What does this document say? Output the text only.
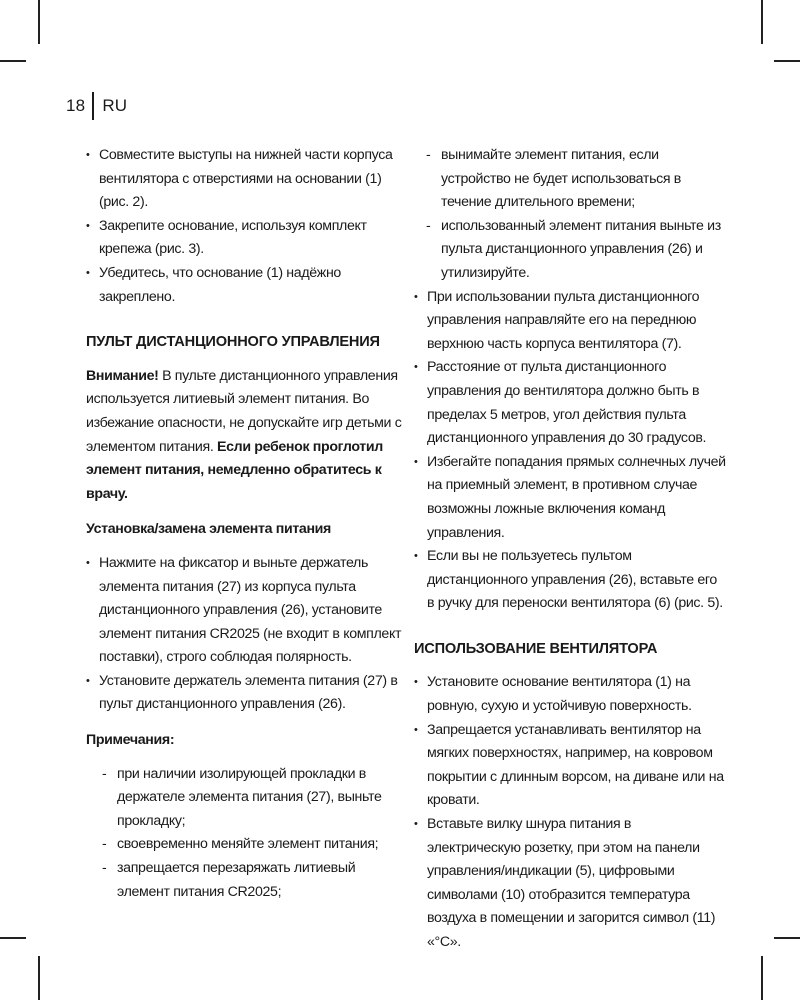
18 RU
• Совместите выступы на нижней части корпуса вентилятора с отверстиями на основании (1) (рис. 2).
• Закрепите основание, используя комплект крепежа (рис. 3).
• Убедитесь, что основание (1) надёжно закреплено.
ПУЛЬТ ДИСТАНЦИОННОГО УПРАВЛЕНИЯ

Внимание! В пульте дистанционного управления используется литиевый элемент питания. Во избежание опасности, не допускайте игр детьми с элементом питания. Если ребенок проглотил элемент питания, немедленно обратитесь к врачу.

Установка/замена элемента питания
• Нажмите на фиксатор и выньте держатель элемента питания (27) из корпуса пульта дистанционного управления (26), установите элемент питания CR2025 (не входит в комплект поставки), строго соблюдая полярность.
• Установите держатель элемента питания (27) в пульт дистанционного управления (26).
Примечания:
- при наличии изолирующей прокладки в держателе элемента питания (27), выньте прокладку;
- своевременно меняйте элемент питания;
- запрещается перезаряжать литиевый элемент питания CR2025;
- вынимайте элемент питания, если устройство не будет использоваться в течение длительного времени;
- использованный элемент питания выньте из пульта дистанционного управления (26) и утилизируйте.
• При использовании пульта дистанционного управления направляйте его на переднюю верхнюю часть корпуса вентилятора (7).
• Расстояние от пульта дистанционного управления до вентилятора должно быть в пределах 5 метров, угол действия пульта дистанционного управления до 30 градусов.
• Избегайте попадания прямых солнечных лучей на приемный элемент, в противном случае возможны ложные включения команд управления.
• Если вы не пользуетесь пультом дистанционного управления (26), вставьте его в ручку для переноски вентилятора (6) (рис. 5).
ИСПОЛЬЗОВАНИЕ ВЕНТИЛЯТОРА
• Установите основание вентилятора (1) на ровную, сухую и устойчивую поверхность.
• Запрещается устанавливать вентилятор на мягких поверхностях, например, на ковровом покрытии с длинным ворсом, на диване или на кровати.
• Вставьте вилку шнура питания в электрическую розетку, при этом на панели управления/индикации (5), цифровыми символами (10) отобразится температура воздуха в помещении и загорится символ (11) «°С».
